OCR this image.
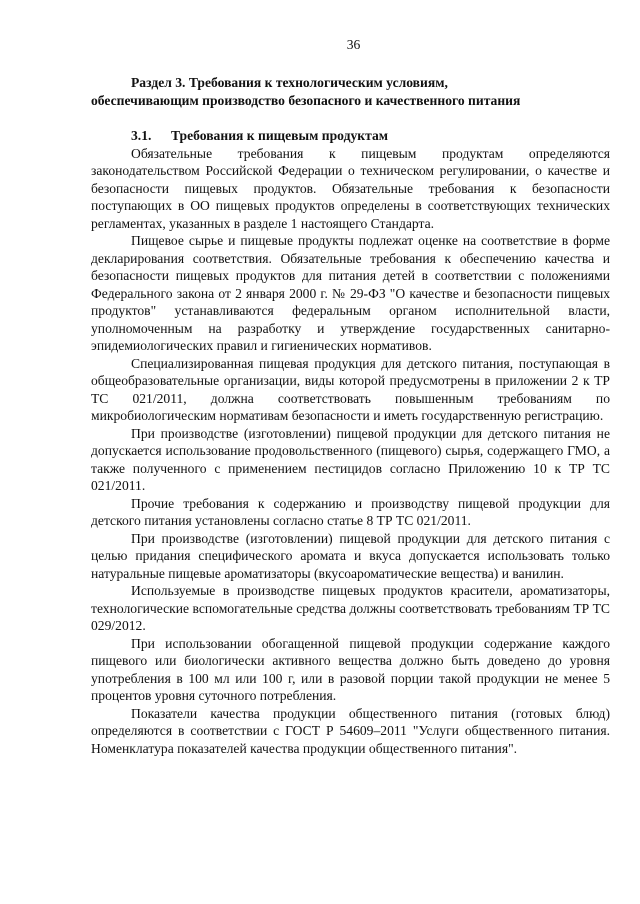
36
Раздел 3. Требования к технологическим условиям,
обеспечивающим производство безопасного и качественного питания
3.1. Требования к пищевым продуктам

Обязательные требования к пищевым продуктам определяются законодательством Российской Федерации о техническом регулировании, о качестве и безопасности пищевых продуктов. Обязательные требования к безопасности поступающих в ОО пищевых продуктов определены в соответствующих технических регламентах, указанных в разделе 1 настоящего Стандарта.

Пищевое сырье и пищевые продукты подлежат оценке на соответствие в форме декларирования соответствия. Обязательные требования к обеспечению качества и безопасности пищевых продуктов для питания детей в соответствии с положениями Федерального закона от 2 января 2000 г. № 29-ФЗ "О качестве и безопасности пищевых продуктов" устанавливаются федеральным органом исполнительной власти, уполномоченным на разработку и утверждение государственных санитарно-эпидемиологических правил и гигиенических нормативов.

Специализированная пищевая продукция для детского питания, поступающая в общеобразовательные организации, виды которой предусмотрены в приложении 2 к ТР ТС 021/2011, должна соответствовать повышенным требованиям по микробиологическим нормативам безопасности и иметь государственную регистрацию.

При производстве (изготовлении) пищевой продукции для детского питания не допускается использование продовольственного (пищевого) сырья, содержащего ГМО, а также полученного с применением пестицидов согласно Приложению 10 к ТР ТС 021/2011.

Прочие требования к содержанию и производству пищевой продукции для детского питания установлены согласно статье 8 ТР ТС 021/2011.

При производстве (изготовлении) пищевой продукции для детского питания с целью придания специфического аромата и вкуса допускается использовать только натуральные пищевые ароматизаторы (вкусоароматические вещества) и ванилин.

Используемые в производстве пищевых продуктов красители, ароматизаторы, технологические вспомогательные средства должны соответствовать требованиям ТР ТС 029/2012.

При использовании обогащенной пищевой продукции содержание каждого пищевого или биологически активного вещества должно быть доведено до уровня употребления в 100 мл или 100 г, или в разовой порции такой продукции не менее 5 процентов уровня суточного потребления.

Показатели качества продукции общественного питания (готовых блюд) определяются в соответствии с ГОСТ Р 54609–2011 "Услуги общественного питания. Номенклатура показателей качества продукции общественного питания".
